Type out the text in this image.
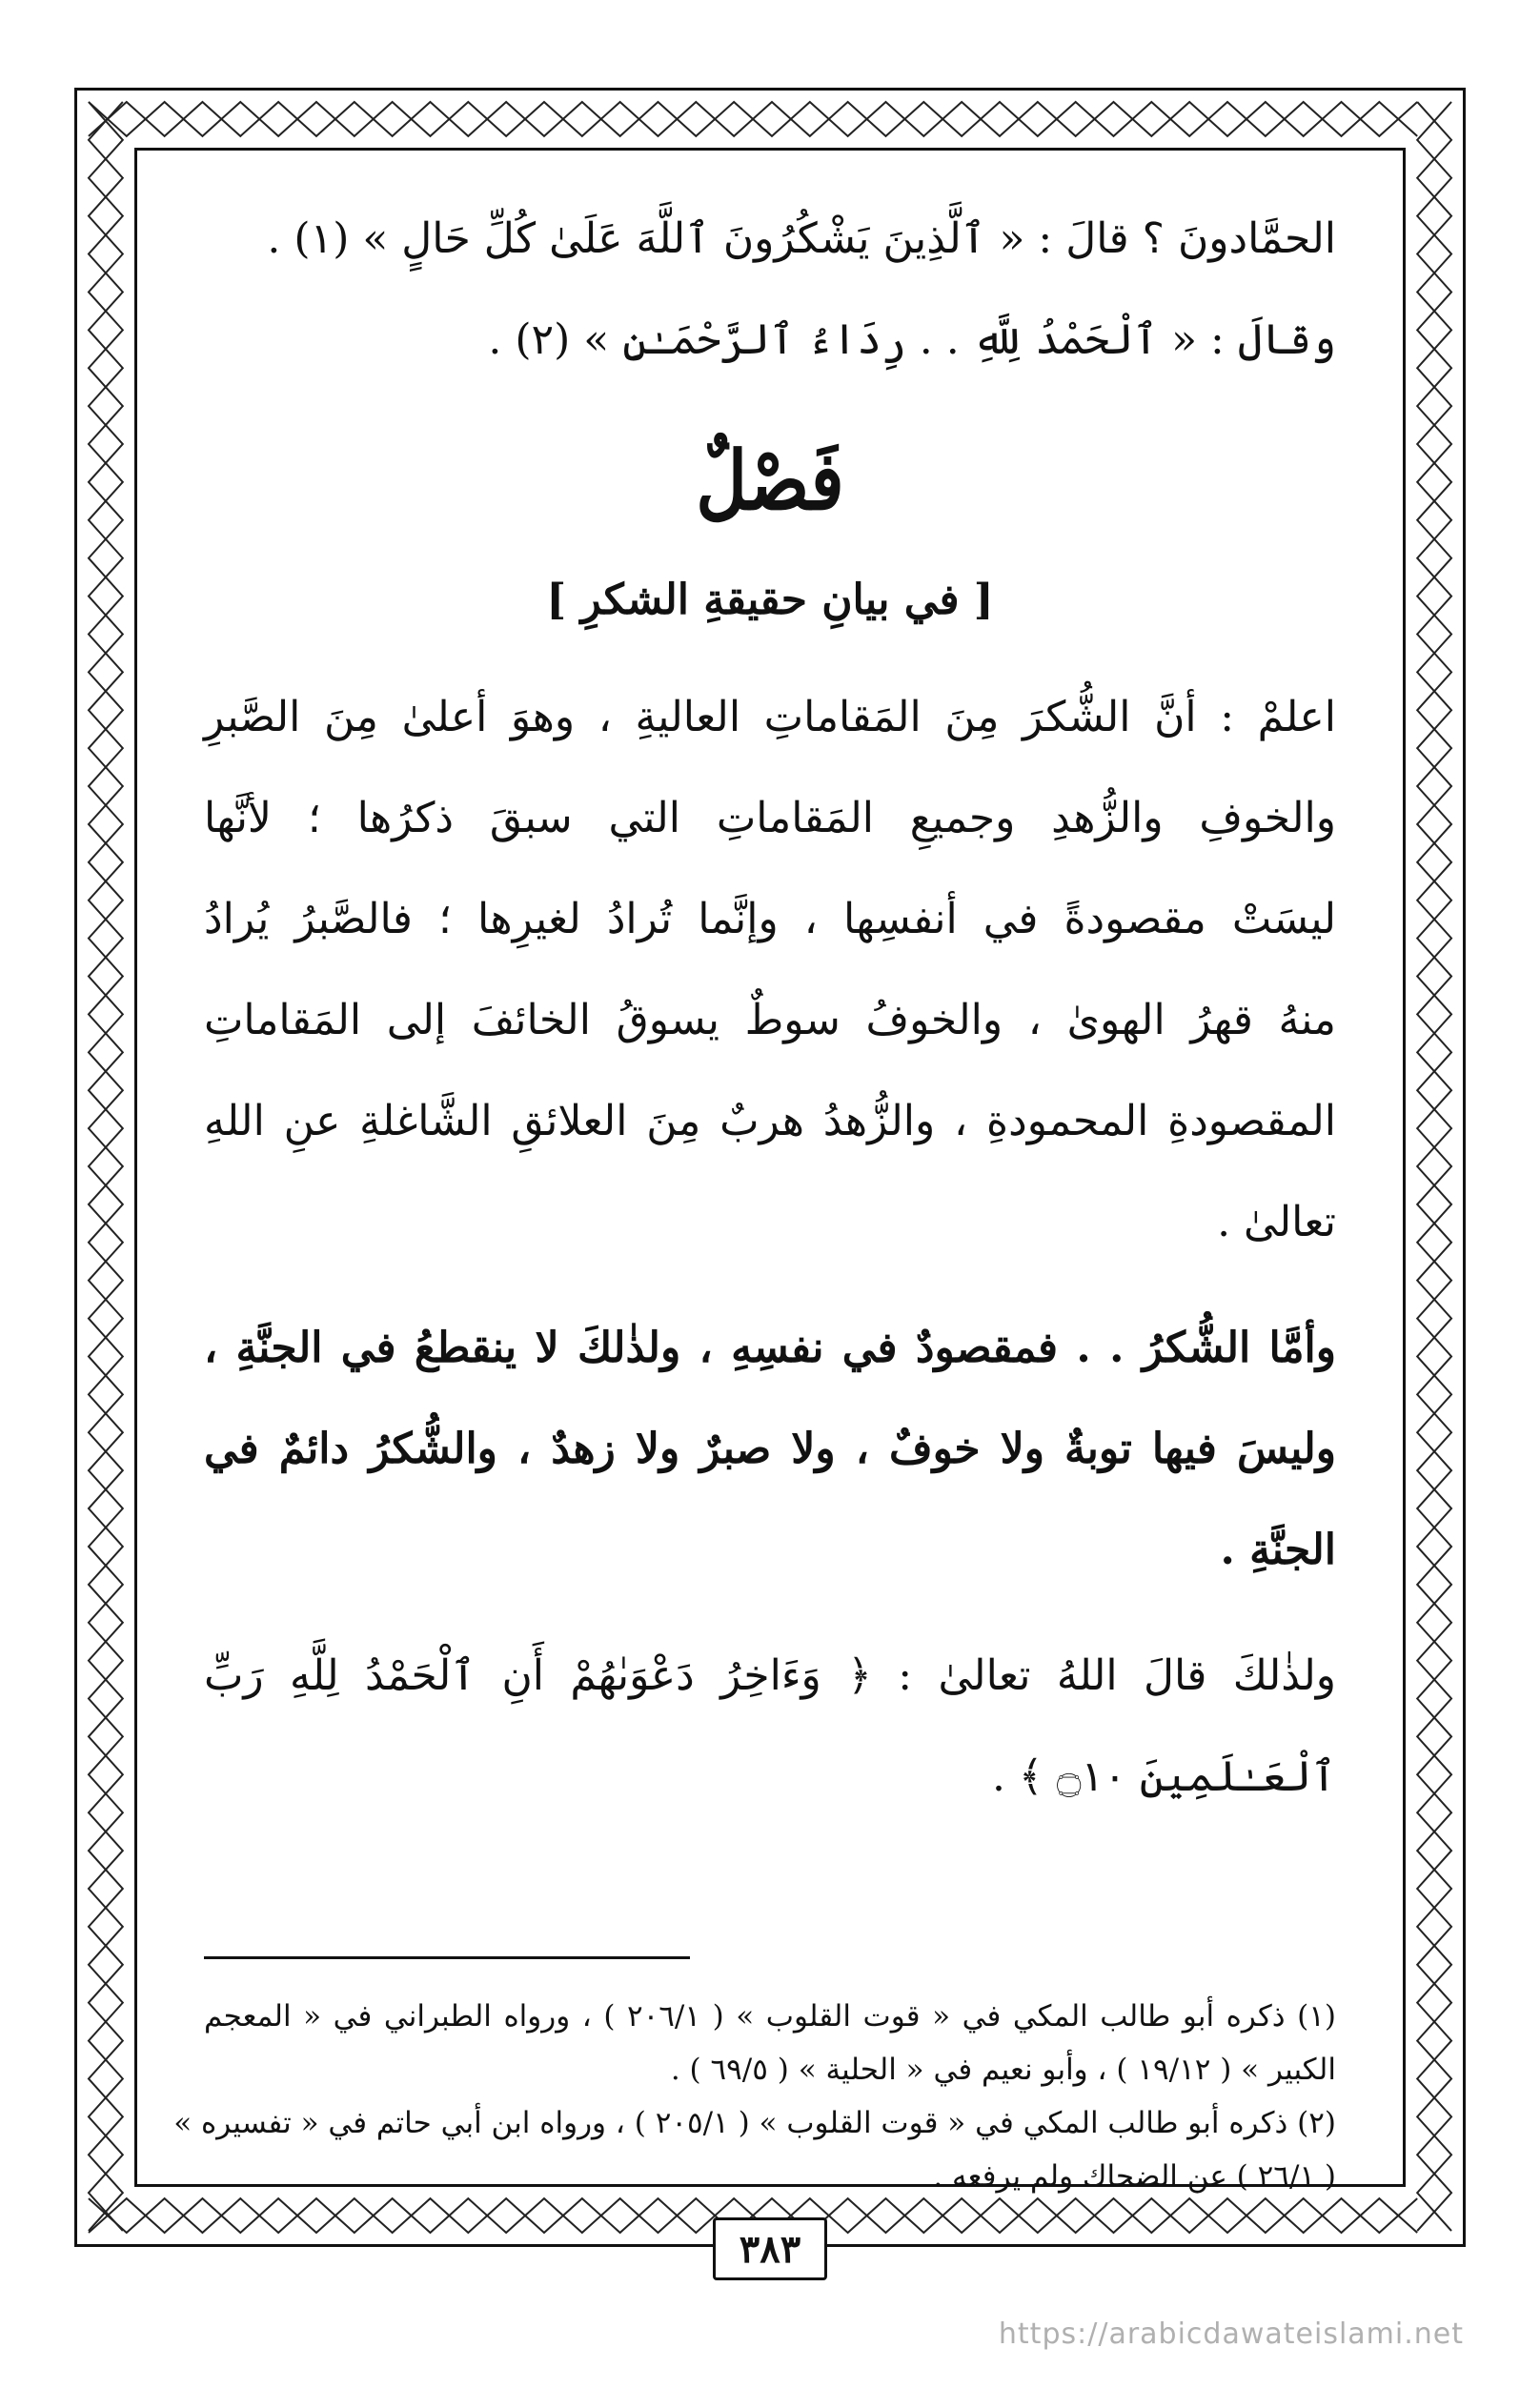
الحمَّادونَ ؟ قالَ : « ٱلَّذِينَ يَشْكُرُونَ ٱللَّهَ عَلَىٰ كُلِّ حَالٍ » (١) .
وقالَ : « ٱلْحَمْدُ لِلَّهِ . . رِدَاءُ ٱلرَّحْمَـٰنِ » (٢) .
فَصْلٌ
[ في بيانِ حقيقةِ الشكرِ ]
اعلمْ : أنَّ الشُّكرَ مِنَ المَقاماتِ العاليةِ ، وهوَ أعلىٰ مِنَ الصَّبرِ
والخوفِ والزُّهدِ وجميعِ المَقاماتِ التي سبقَ ذكرُها ؛ لأنَّها
ليسَتْ مقصودةً في أنفسِها ، وإنَّما تُرادُ لغيرِها ؛ فالصَّبرُ يُرادُ
منهُ قهرُ الهوىٰ ، والخوفُ سوطٌ يسوقُ الخائفَ إلى المَقاماتِ
المقصودةِ المحمودةِ ، والزُّهدُ هربٌ مِنَ العلائقِ الشَّاغلةِ عنِ اللهِ
تعالىٰ .
وأمَّا الشُّكرُ . . فمقصودٌ في نفسِهِ ، ولذٰلكَ لا ينقطعُ في الجنَّةِ ،
وليسَ فيها توبةٌ ولا خوفٌ ، ولا صبرٌ ولا زهدٌ ، والشُّكرُ دائمٌ في
الجنَّةِ .
ولذٰلكَ قالَ اللهُ تعالىٰ : ﴿ وَءَاخِرُ دَعْوَىٰهُمْ أَنِ ٱلْحَمْدُ لِلَّهِ رَبِّ
ٱلْعَـٰلَمِينَ ۝١٠ ﴾ .
(١) ذكره أبو طالب المكي في « قوت القلوب » ( ٢٠٦/١ ) ، ورواه الطبراني في « المعجم
الكبير » ( ١٩/١٢ ) ، وأبو نعيم في « الحلية » ( ٦٩/٥ ) .
(٢) ذكره أبو طالب المكي في « قوت القلوب » ( ٢٠٥/١ ) ، ورواه ابن أبي حاتم في « تفسيره »
( ٢٦/١ ) عن الضحاك ولم يرفعه .
٣٨٣
https://arabicdawateislami.net
